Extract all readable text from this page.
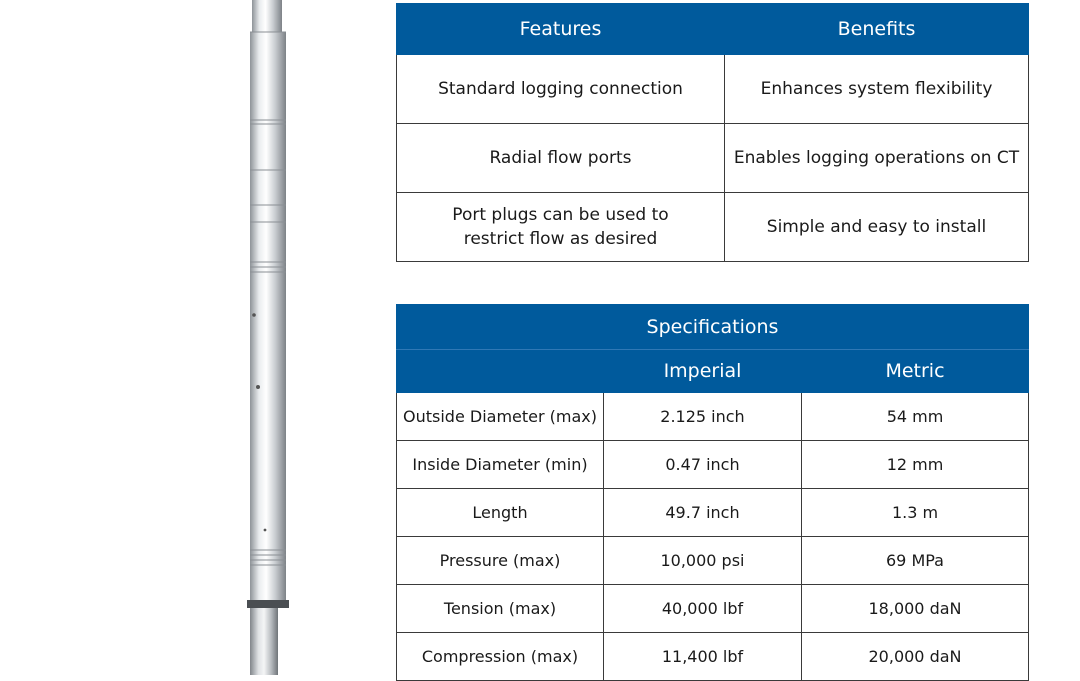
Features	Benefits
Standard logging connection	Enhances system flexibility
Radial flow ports	Enables logging operations on CT
Port plugs can be used to
restrict flow as desired	Simple and easy to install
Specifications		
	Imperial	Metric
Outside Diameter (max)	2.125 inch	54 mm
Inside Diameter (min)	0.47 inch	12 mm
Length	49.7 inch	1.3 m
Pressure (max)	10,000 psi	69 MPa
Tension (max)	40,000 lbf	18,000 daN
Compression (max)	11,400 lbf	20,000 daN
